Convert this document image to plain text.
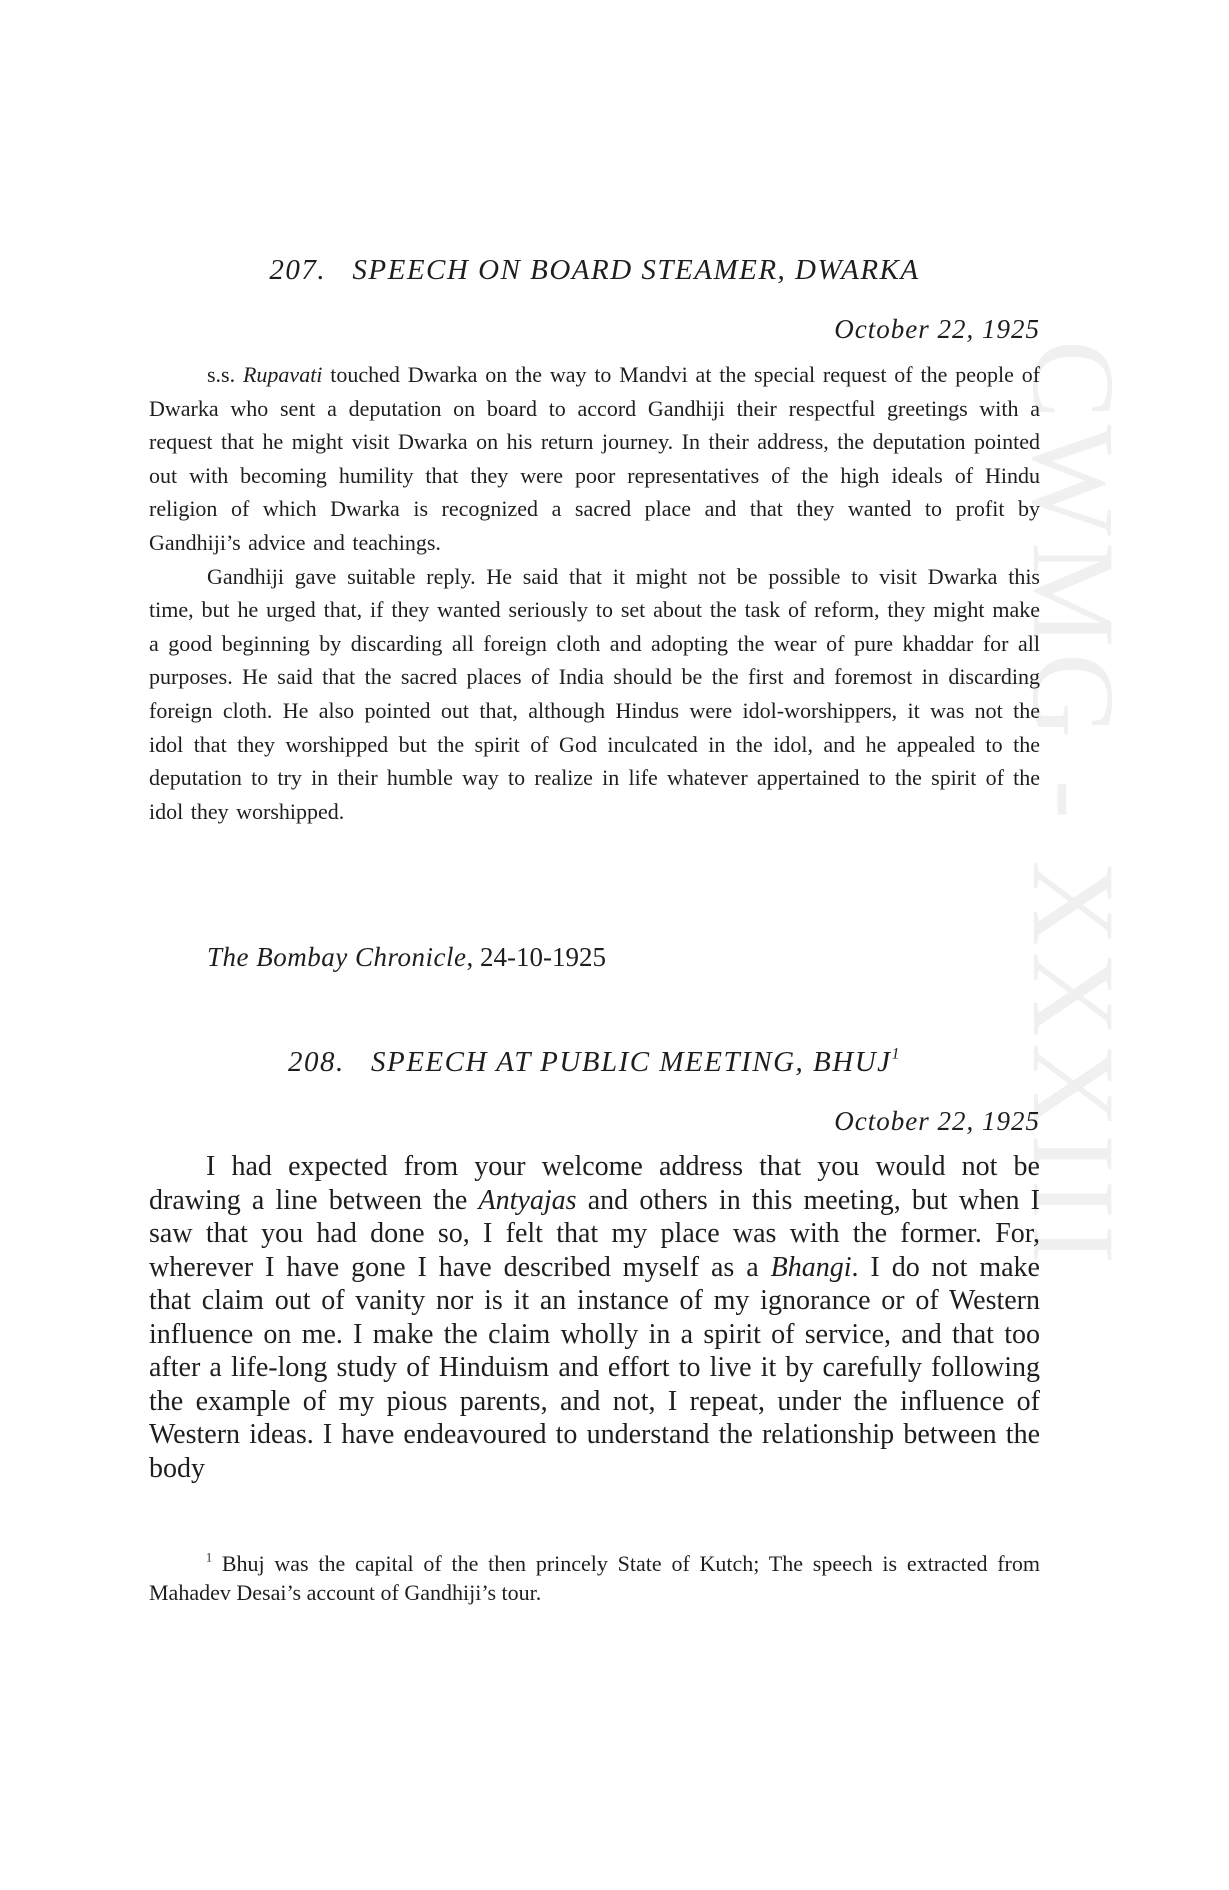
CWMG - XXXIII
207. SPEECH ON BOARD STEAMER, DWARKA
October 22, 1925

s.s. Rupavati touched Dwarka on the way to Mandvi at the special request of the people of Dwarka who sent a deputation on board to accord Gandhiji their respectful greetings with a request that he might visit Dwarka on his return journey. In their address, the deputation pointed out with becoming humility that they were poor representatives of the high ideals of Hindu religion of which Dwarka is recognized a sacred place and that they wanted to profit by Gandhiji’s advice and teachings.

Gandhiji gave suitable reply. He said that it might not be possible to visit Dwarka this time, but he urged that, if they wanted seriously to set about the task of reform, they might make a good beginning by discarding all foreign cloth and adopting the wear of pure khaddar for all purposes. He said that the sacred places of India should be the first and foremost in discarding foreign cloth. He also pointed out that, although Hindus were idol-worshippers, it was not the idol that they worshipped but the spirit of God inculcated in the idol, and he appealed to the deputation to try in their humble way to realize in life whatever appertained to the spirit of the idol they worshipped.

The Bombay Chronicle, 24-10-1925
208. SPEECH AT PUBLIC MEETING, BHUJ$^1$
October 22, 1925

I had expected from your welcome address that you would not be drawing a line between the Antyajas and others in this meeting, but when I saw that you had done so, I felt that my place was with the former. For, wherever I have gone I have described myself as a Bhangi. I do not make that claim out of vanity nor is it an instance of my ignorance or of Western influence on me. I make the claim wholly in a spirit of service, and that too after a life-long study of Hinduism and effort to live it by carefully following the example of my pious parents, and not, I repeat, under the influence of Western ideas. I have endeavoured to understand the relationship between the body

$^1$ Bhuj was the capital of the then princely State of Kutch; The speech is extracted from Mahadev Desai’s account of Gandhiji’s tour.
